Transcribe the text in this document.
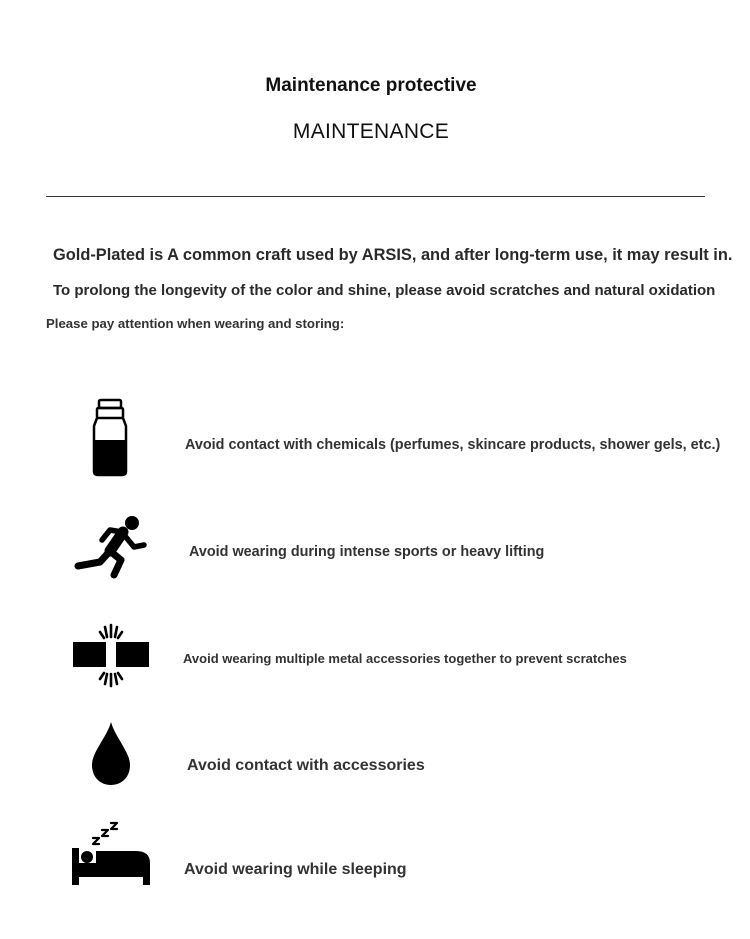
Maintenance protective
MAINTENANCE
Gold-Plated is A common craft used by ARSIS, and after long-term use, it may result in.
To prolong the longevity of the color and shine, please avoid scratches and natural oxidation
Please pay attention when wearing and storing:
Avoid contact with chemicals (perfumes, skincare products, shower gels, etc.)
Avoid wearing during intense sports or heavy lifting
Avoid wearing multiple metal accessories together to prevent scratches
Avoid contact with accessories
Avoid wearing while sleeping
